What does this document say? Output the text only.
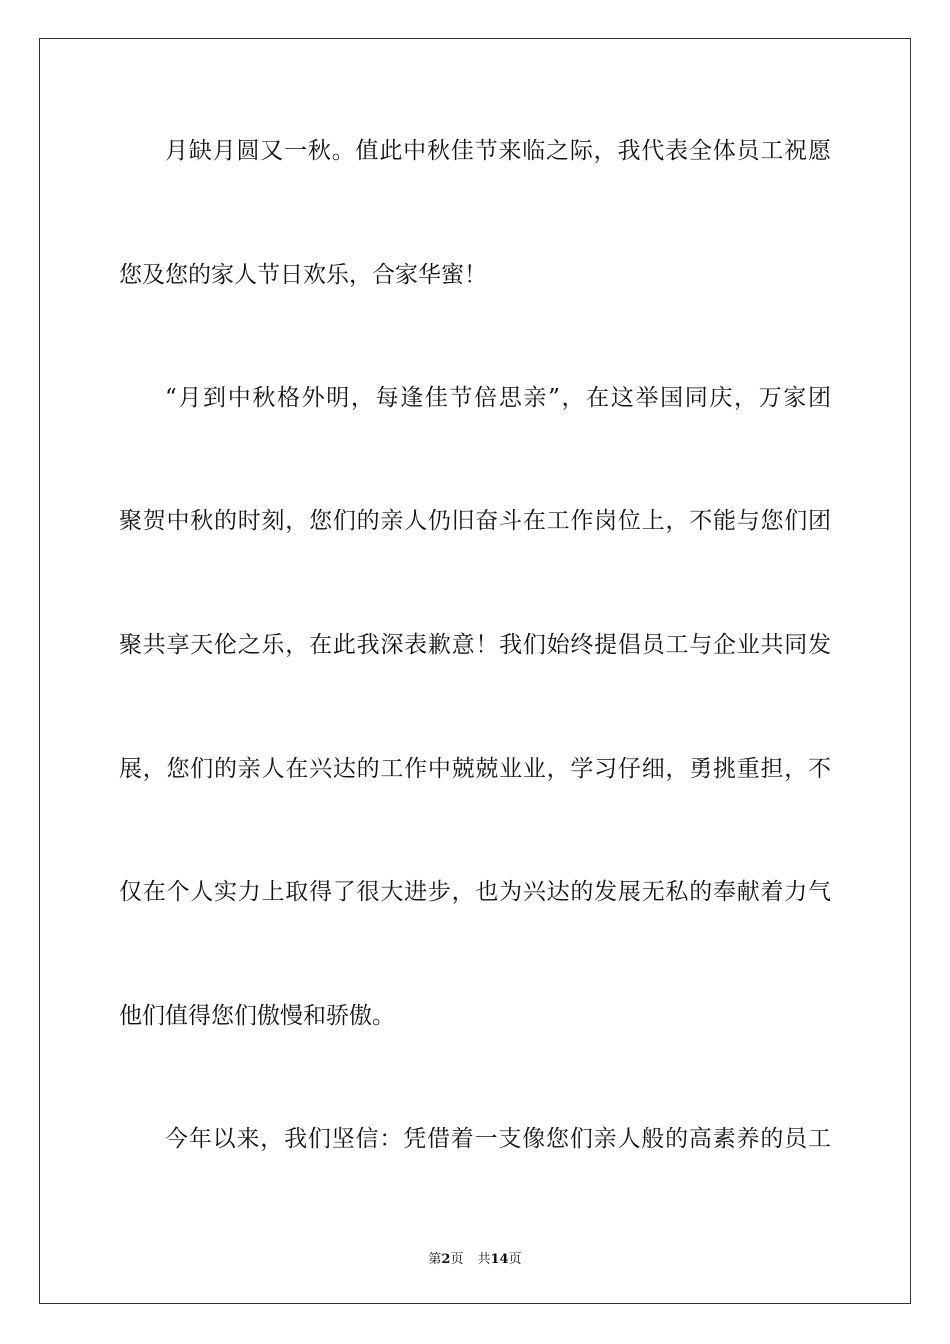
月缺月圆又一秋。值此中秋佳节来临之际，我代表全体员工祝愿
您及您的家人节日欢乐，合家华蜜！
“月到中秋格外明，每逢佳节倍思亲”，在这举国同庆，万家团
聚贺中秋的时刻，您们的亲人仍旧奋斗在工作岗位上，不能与您们团
聚共享天伦之乐，在此我深表歉意！我们始终提倡员工与企业共同发
展，您们的亲人在兴达的工作中兢兢业业，学习仔细，勇挑重担，不
仅在个人实力上取得了很大进步，也为兴达的发展无私的奉献着力气
他们值得您们傲慢和骄傲。
今年以来，我们坚信：凭借着一支像您们亲人般的高素养的员工
第2页 共14页
